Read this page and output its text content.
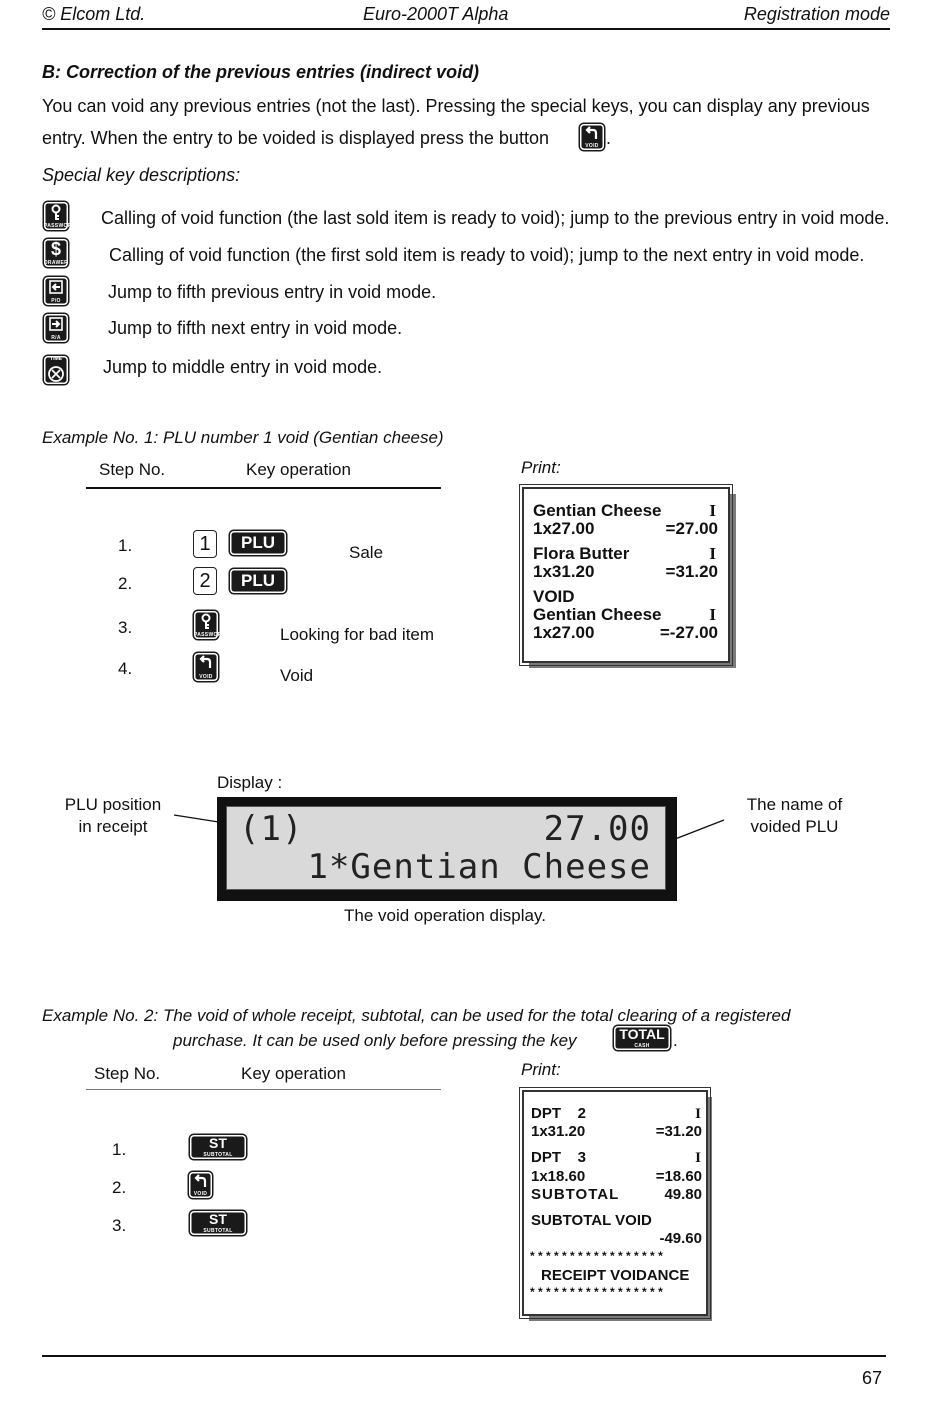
© Elcom Ltd.	Euro-2000T Alpha	Registration mode
B: Correction of the previous entries (indirect void)
You can void any previous entries (not the last). Pressing the special keys, you can display any previous
entry. When the entry to be voided is displayed press the button	VOID .
Special key descriptions:
PASSWORD Calling of void function (the last sold item is ready to void); jump to the previous entry in void mode.
$
DRAWER Calling of void function (the first sold item is ready to void); jump to the next entry in void mode.
P/O	Jump to fifth previous entry in void mode.
R/A	Jump to fifth next entry in void mode.
TIME	Jump to middle entry in void mode.
Example No. 1: PLU number 1 void (Gentian cheese)
Step No.	Key operation	Print:
1.	1	PLU
Sale
2.	2	PLU
3.	PASSWORD	Looking for bad item
4.	VOID	Void
Gentian Cheese	I
1x27.00	=27.00
Flora Butter	I
1x31.20	=31.20
VOID
Gentian Cheese	I
1x27.00	=-27.00
Display :
PLU position
in receipt
The name of
voided PLU
(1)	27.00
1*Gentian Cheese
The void operation display.
Example No. 2: The void of whole receipt, subtotal, can be used for the total clearing of a registered
purchase. It can be used only before pressing the key	TOTAL
CASH	.
Step No.	Key operation	Print:
1.	ST
SUBTOTAL
2.	VOID
3.	ST
SUBTOTAL
DPT    2	I
1x31.20	=31.20
DPT    3	I
1x18.60	=18.60
SUBTOTAL	49.80
SUBTOTAL VOID
-49.60
* * * * * * * * * * * * * * * * *
RECEIPT VOIDANCE
* * * * * * * * * * * * * * * * *
67
